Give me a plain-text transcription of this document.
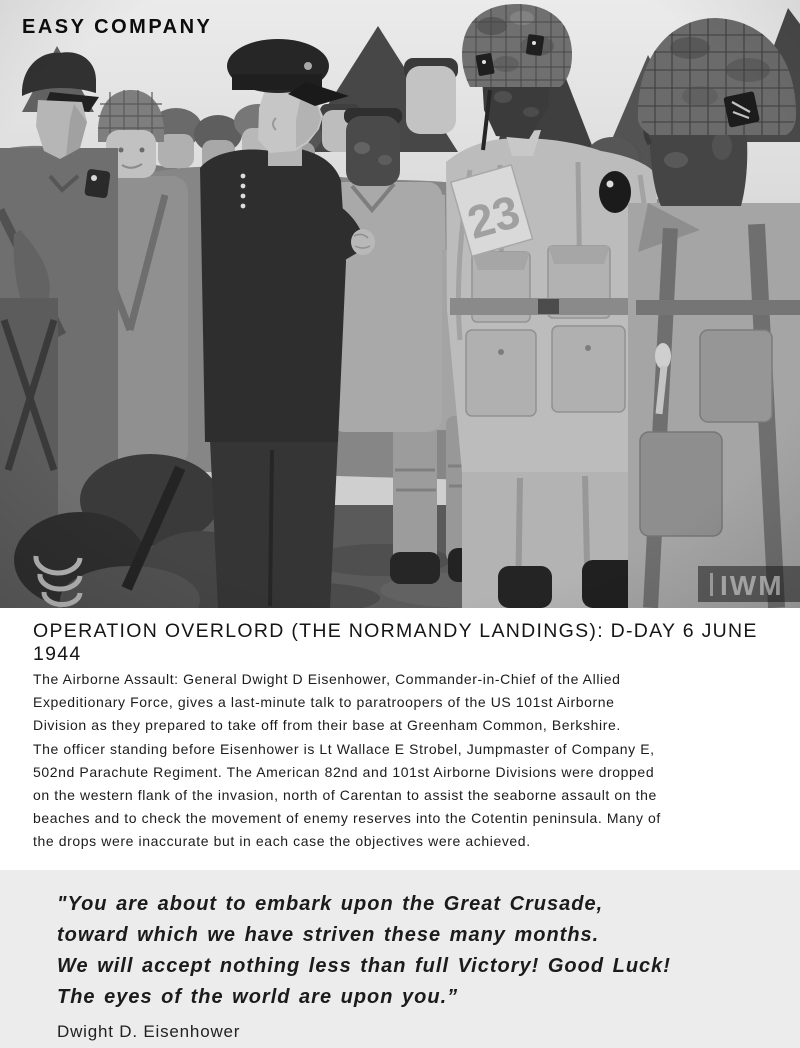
IWM
EASY COMPANY
OPERATION OVERLORD (THE NORMANDY LANDINGS): D-DAY 6 JUNE 1944
The Airborne Assault: General Dwight D Eisenhower, Commander-in-Chief of the Allied
Expeditionary Force, gives a last-minute talk to paratroopers of the US 101st Airborne
Division as they prepared to take off from their base at Greenham Common, Berkshire.
The officer standing before Eisenhower is Lt Wallace E Strobel, Jumpmaster of Company E,
502nd Parachute Regiment. The American 82nd and 101st Airborne Divisions were dropped
on the western flank of the invasion, north of Carentan to assist the seaborne assault on the
beaches and to check the movement of enemy reserves into the Cotentin peninsula. Many of
the drops were inaccurate but in each case the objectives were achieved.
"You are about to embark upon the Great Crusade,
toward which we have striven these many months.
We will accept nothing less than full Victory! Good Luck!
The eyes of the world are upon you.”
Dwight D. Eisenhower
